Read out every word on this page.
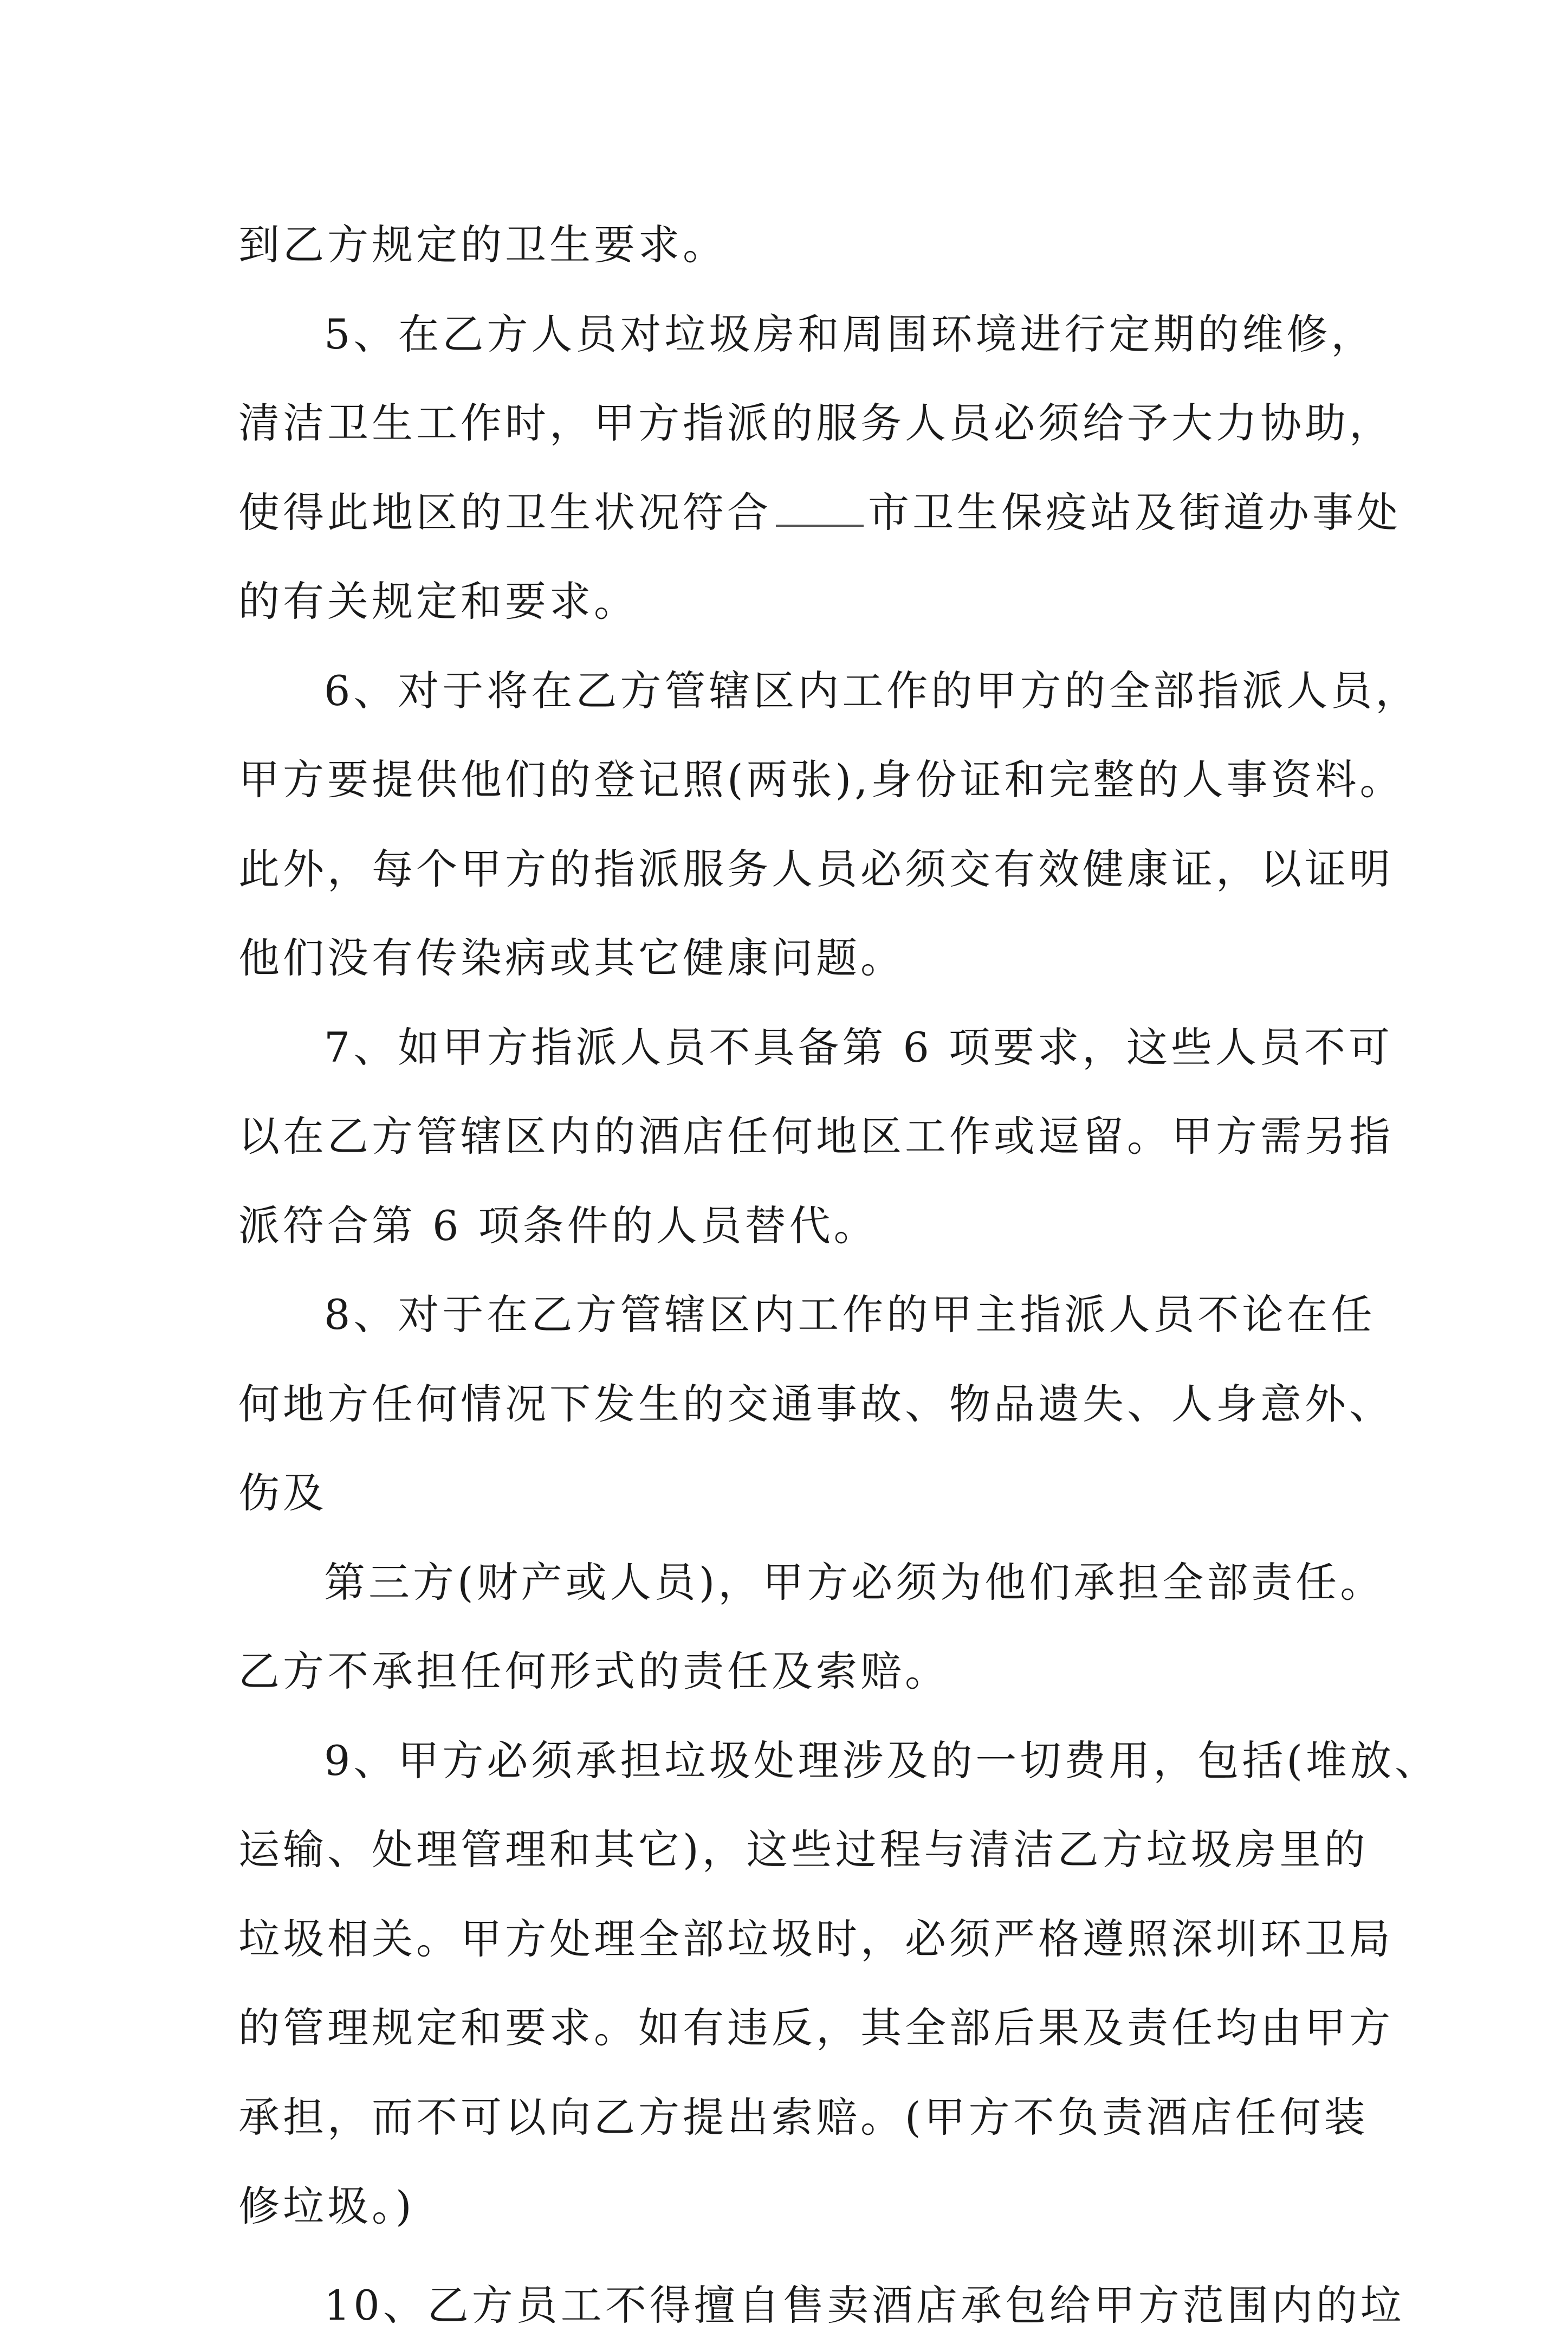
到乙方规定的卫生要求。
5、在乙方人员对垃圾房和周围环境进行定期的维修，
清洁卫生工作时，甲方指派的服务人员必须给予大力协助，
使得此地区的卫生状况符合 市卫生保疫站及街道办事处
的有关规定和要求。
6、对于将在乙方管辖区内工作的甲方的全部指派人员，
甲方要提供他们的登记照(两张),身份证和完整的人事资料。
此外，每个甲方的指派服务人员必须交有效健康证，以证明
他们没有传染病或其它健康问题。
7、如甲方指派人员不具备第 6 项要求，这些人员不可
以在乙方管辖区内的酒店任何地区工作或逗留。甲方需另指
派符合第 6 项条件的人员替代。
8、对于在乙方管辖区内工作的甲主指派人员不论在任
何地方任何情况下发生的交通事故、物品遗失、人身意外、
伤及
第三方(财产或人员)，甲方必须为他们承担全部责任。
乙方不承担任何形式的责任及索赔。
9、甲方必须承担垃圾处理涉及的一切费用，包括(堆放、
运输、处理管理和其它)，这些过程与清洁乙方垃圾房里的
垃圾相关。甲方处理全部垃圾时，必须严格遵照深圳环卫局
的管理规定和要求。如有违反，其全部后果及责任均由甲方
承担，而不可以向乙方提出索赔。(甲方不负责酒店任何装
修垃圾。)
10、乙方员工不得擅自售卖酒店承包给甲方范围内的垃
